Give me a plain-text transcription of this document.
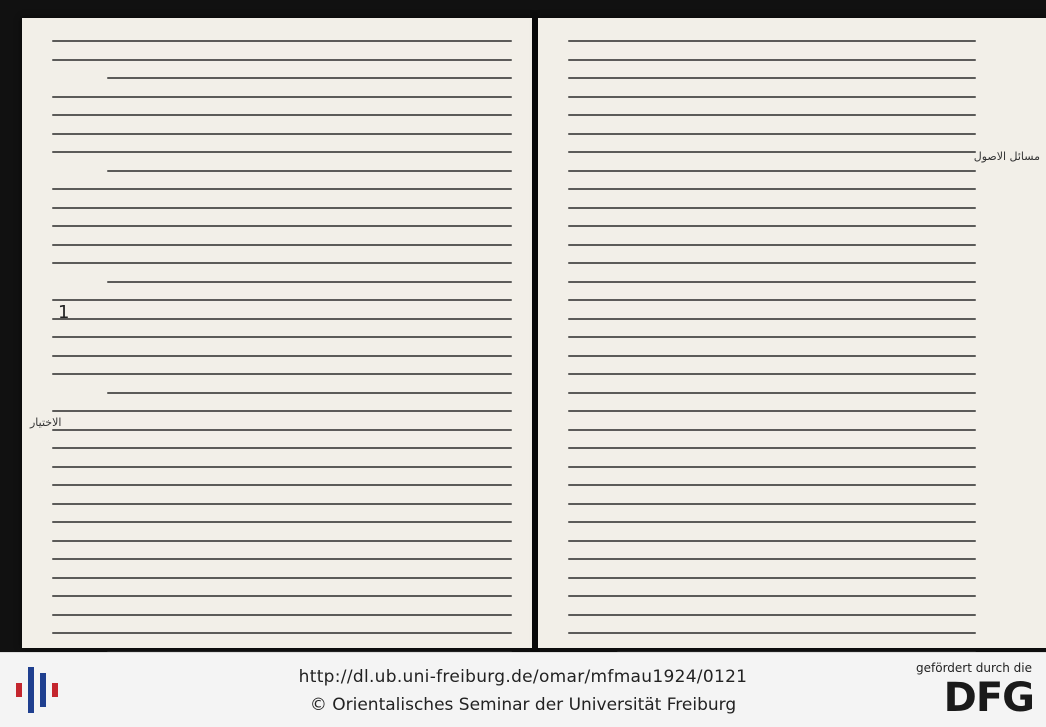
1
الاختيار
مسائل الاصول
http://dl.ub.uni-freiburg.de/omar/mfmau1924/0121
© Orientalisches Seminar der Universität Freiburg
gefördert durch die
DFG
